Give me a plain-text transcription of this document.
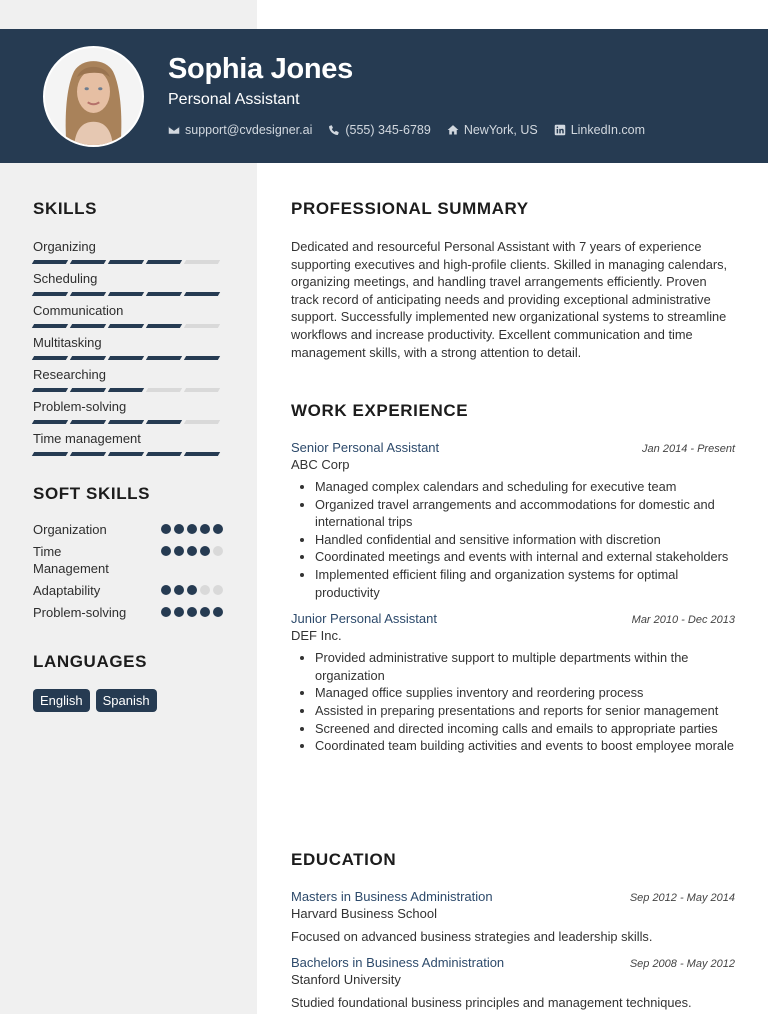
Sophia Jones
Personal Assistant
support@cvdesigner.ai	(555) 345-6789	NewYork, US	LinkedIn.com
SKILLS
Organizing
Scheduling
Communication
Multitasking
Researching
Problem-solving
Time management
SOFT SKILLS
Organization
Time Management
Adaptability
Problem-solving
LANGUAGES
English	Spanish
PROFESSIONAL SUMMARY
Dedicated and resourceful Personal Assistant with 7 years of experience supporting executives and high-profile clients. Skilled in managing calendars, organizing meetings, and handling travel arrangements efficiently. Proven track record of anticipating needs and providing exceptional administrative support. Successfully implemented new organizational systems to streamline workflows and increase productivity. Excellent communication and time management skills, with a strong attention to detail.
WORK EXPERIENCE
Senior Personal Assistant	Jan 2014 - Present
ABC Corp
• Managed complex calendars and scheduling for executive team
• Organized travel arrangements and accommodations for domestic and international trips
• Handled confidential and sensitive information with discretion
• Coordinated meetings and events with internal and external stakeholders
• Implemented efficient filing and organization systems for optimal productivity
Junior Personal Assistant	Mar 2010 - Dec 2013
DEF Inc.
• Provided administrative support to multiple departments within the organization
• Managed office supplies inventory and reordering process
• Assisted in preparing presentations and reports for senior management
• Screened and directed incoming calls and emails to appropriate parties
• Coordinated team building activities and events to boost employee morale
EDUCATION
Masters in Business Administration	Sep 2012 - May 2014
Harvard Business School
Focused on advanced business strategies and leadership skills.
Bachelors in Business Administration	Sep 2008 - May 2012
Stanford University
Studied foundational business principles and management techniques.
